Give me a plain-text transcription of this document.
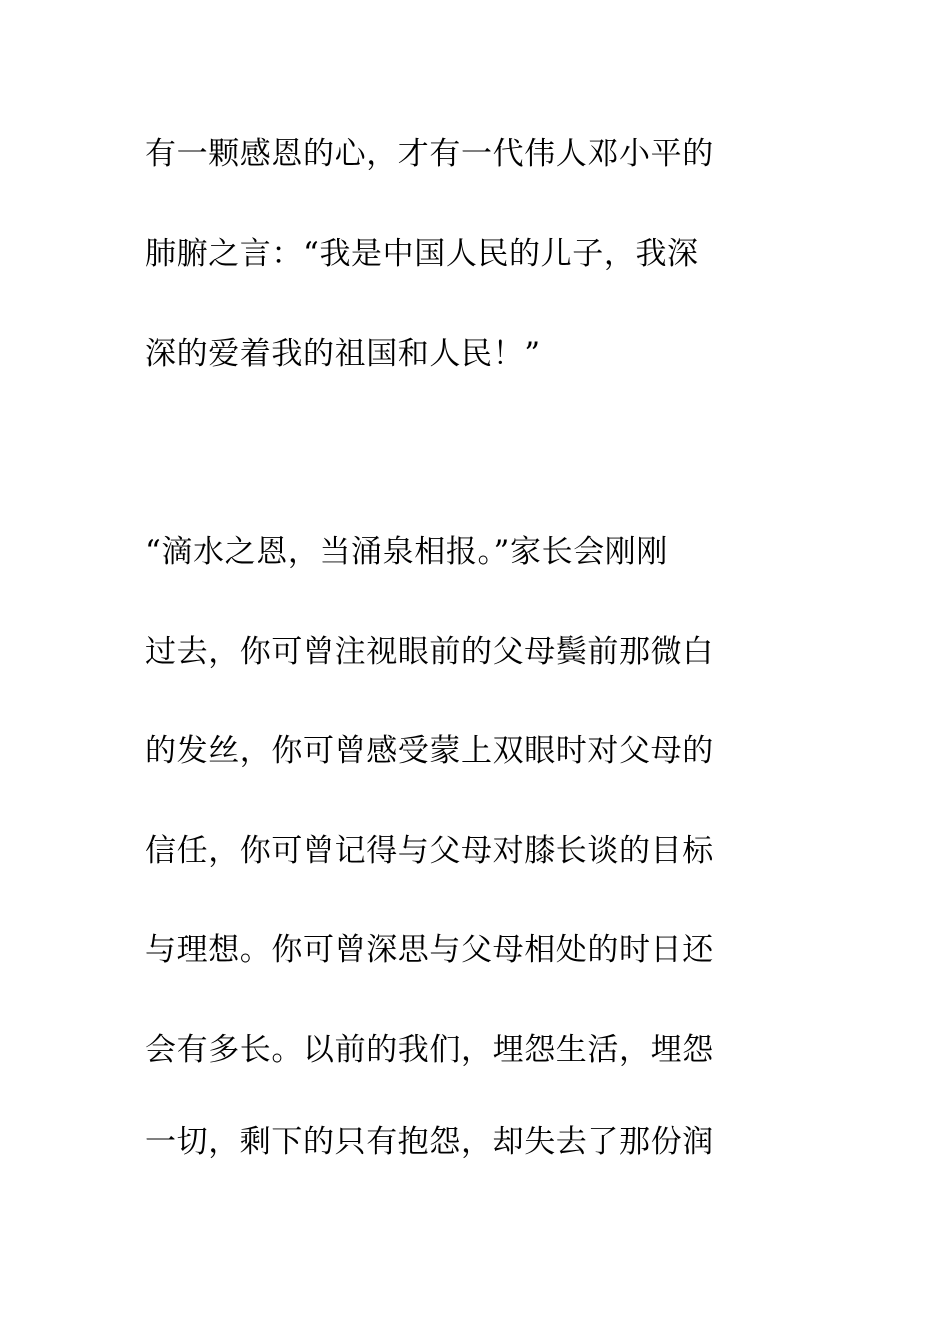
有一颗感恩的心，才有一代伟人邓小平的
肺腑之言：“我是中国人民的儿子，我深
深的爱着我的祖国和人民！”
“滴水之恩，当涌泉相报。”家长会刚刚
过去，你可曾注视眼前的父母鬓前那微白
的发丝，你可曾感受蒙上双眼时对父母的
信任，你可曾记得与父母对膝长谈的目标
与理想。你可曾深思与父母相处的时日还
会有多长。以前的我们，埋怨生活，埋怨
一切，剩下的只有抱怨，却失去了那份润
